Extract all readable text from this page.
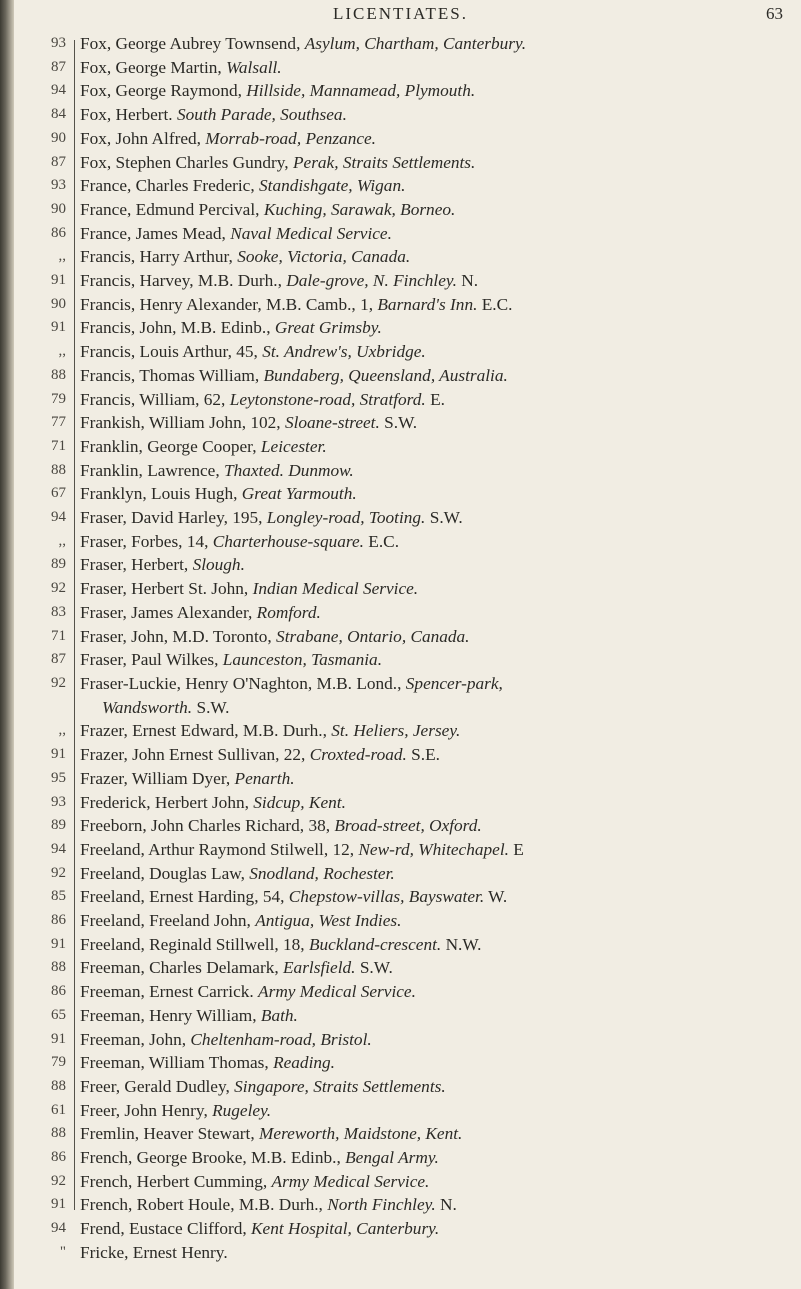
LICENTIATES.	63
93 Fox, George Aubrey Townsend, Asylum, Chartham, Canterbury.
87 Fox, George Martin, Walsall.
94 Fox, George Raymond, Hillside, Mannamead, Plymouth.
84 Fox, Herbert. South Parade, Southsea.
90 Fox, John Alfred, Morrab-road, Penzance.
87 Fox, Stephen Charles Gundry, Perak, Straits Settlements.
93 France, Charles Frederic, Standishgate, Wigan.
90 France, Edmund Percival, Kuching, Sarawak, Borneo.
86 France, James Mead, Naval Medical Service.
,, Francis, Harry Arthur, Sooke, Victoria, Canada.
91 Francis, Harvey, M.B. Durh., Dale-grove, N. Finchley. N.
90 Francis, Henry Alexander, M.B. Camb., 1, Barnard's Inn. E.C.
91 Francis, John, M.B. Edinb., Great Grimsby.
,, Francis, Louis Arthur, 45, St. Andrew's, Uxbridge.
88 Francis, Thomas William, Bundaberg, Queensland, Australia.
79 Francis, William, 62, Leytonstone-road, Stratford. E.
77 Frankish, William John, 102, Sloane-street. S.W.
71 Franklin, George Cooper, Leicester.
88 Franklin, Lawrence, Thaxted. Dunmow.
67 Franklyn, Louis Hugh, Great Yarmouth.
94 Fraser, David Harley, 195, Longley-road, Tooting. S.W.
,, Fraser, Forbes, 14, Charterhouse-square. E.C.
89 Fraser, Herbert, Slough.
92 Fraser, Herbert St. John, Indian Medical Service.
83 Fraser, James Alexander, Romford.
71 Fraser, John, M.D. Toronto, Strabane, Ontario, Canada.
87 Fraser, Paul Wilkes, Launceston, Tasmania.
92 Fraser-Luckie, Henry O'Naghton, M.B. Lond., Spencer-park,
Wandsworth. S.W.
,, Frazer, Ernest Edward, M.B. Durh., St. Heliers, Jersey.
91 Frazer, John Ernest Sullivan, 22, Croxted-road. S.E.
95 Frazer, William Dyer, Penarth.
93 Frederick, Herbert John, Sidcup, Kent.
89 Freeborn, John Charles Richard, 38, Broad-street, Oxford.
94 Freeland, Arthur Raymond Stilwell, 12, New-rd, Whitechapel. E
92 Freeland, Douglas Law, Snodland, Rochester.
85 Freeland, Ernest Harding, 54, Chepstow-villas, Bayswater. W.
86 Freeland, Freeland John, Antigua, West Indies.
91 Freeland, Reginald Stillwell, 18, Buckland-crescent. N.W.
88 Freeman, Charles Delamark, Earlsfield. S.W.
86 Freeman, Ernest Carrick. Army Medical Service.
65 Freeman, Henry William, Bath.
91 Freeman, John, Cheltenham-road, Bristol.
79 Freeman, William Thomas, Reading.
88 Freer, Gerald Dudley, Singapore, Straits Settlements.
61 Freer, John Henry, Rugeley.
88 Fremlin, Heaver Stewart, Mereworth, Maidstone, Kent.
86 French, George Brooke, M.B. Edinb., Bengal Army.
92 French, Herbert Cumming, Army Medical Service.
91 French, Robert Houle, M.B. Durh., North Finchley. N.
94 Frend, Eustace Clifford, Kent Hospital, Canterbury.
" Fricke, Ernest Henry.
